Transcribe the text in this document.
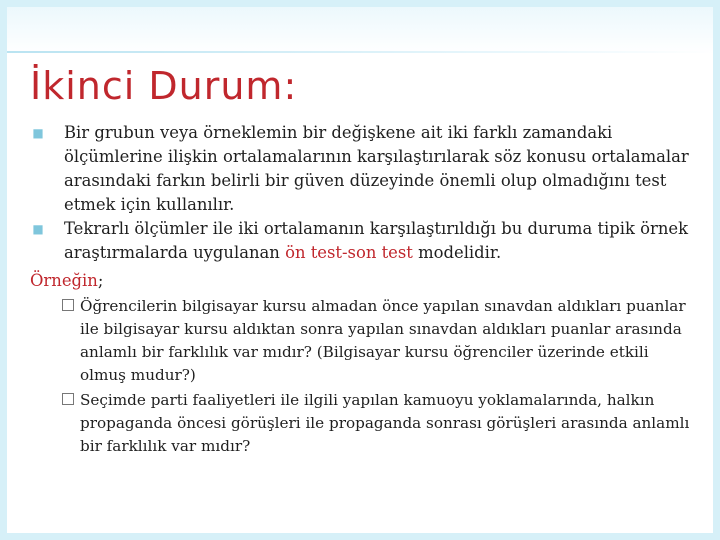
İkinci Durum:

■ Bir grubun veya örneklemin bir değişkene ait iki farklı zamandaki ölçümlerine ilişkin ortalamalarının karşılaştırılarak söz konusu ortalamalar arasındaki farkın belirli bir güven düzeyinde önemli olup olmadığını test etmek için kullanılır.

■ Tekrarlı ölçümler ile iki ortalamanın karşılaştırıldığı bu duruma tipik örnek araştırmalarda uygulanan ön test-son test modelidir.

Örneğin;

Öğrencilerin bilgisayar kursu almadan önce yapılan sınavdan aldıkları puanlar ile bilgisayar kursu aldıktan sonra yapılan sınavdan aldıkları puanlar arasında anlamlı bir farklılık var mıdır? (Bilgisayar kursu öğrenciler üzerinde etkili olmuş mudur?)
Seçimde parti faaliyetleri ile ilgili yapılan kamuoyu yoklamalarında, halkın propaganda öncesi görüşleri ile propaganda sonrası görüşleri arasında anlamlı bir farklılık var mıdır?
